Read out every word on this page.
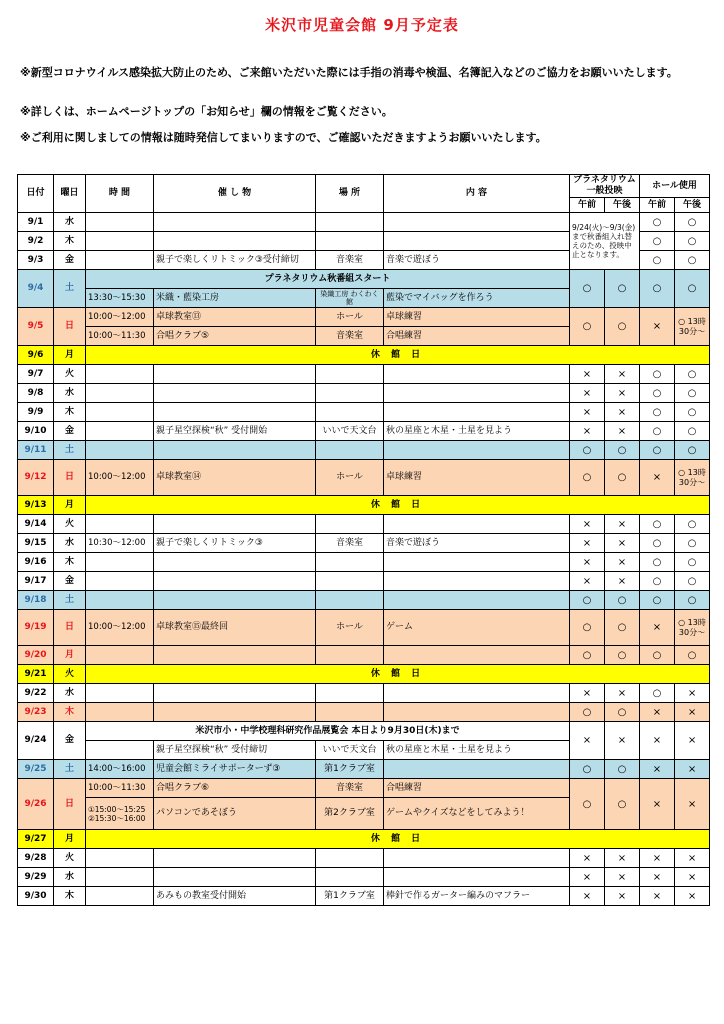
米沢市児童会館 9月予定表
※新型コロナウイルス感染拡大防止のため、ご来館いただいた際には手指の消毒や検温、名簿記入などのご協力をお願いいたします。
※詳しくは、ホームページトップの「お知らせ」欄の情報をご覧ください。
※ご利用に関しましての情報は随時発信してまいりますので、ご確認いただきますようお願いいたします。
日付	曜日	時 間	催 し 物	場 所	内 容	プラネタリウム一般投映		ホール使用	
						午前	午後	午前	午後
9/1	水					9/24(火)～9/3(金)まで秋番組入れ替えのため、投映中止となります。		○	○
9/2	木							○	○
9/3	金		親子で楽しくリトミック③受付締切	音楽室	音楽で遊ぼう			○	○
9/4	土	プラネタリウム秋番組スタート				○	○	○	○
		13:30～15:30	米織・藍染工房	染織工房 わくわく館	藍染でマイバッグを作ろう				
9/5	日	10:00～12:00	卓球教室⑬	ホール	卓球練習	○	○	×	○ 13時30分～
		10:00～11:30	合唱クラブ⑤	音楽室	合唱練習				
9/6	月	休 館 日							
9/7	火					×	×	○	○
9/8	水					×	×	○	○
9/9	木					×	×	○	○
9/10	金		親子星空探検“秋” 受付開始	いいで天文台	秋の星座と木星・土星を見よう	×	×	○	○
9/11	土					○	○	○	○
9/12	日	10:00～12:00	卓球教室⑭	ホール	卓球練習	○	○	×	○ 13時30分～
9/13	月	休 館 日							
9/14	火					×	×	○	○
9/15	水	10:30～12:00	親子で楽しくリトミック③	音楽室	音楽で遊ぼう	×	×	○	○
9/16	木					×	×	○	○
9/17	金					×	×	○	○
9/18	土					○	○	○	○
9/19	日	10:00～12:00	卓球教室⑮最終回	ホール	ゲーム	○	○	×	○ 13時30分～
9/20	月					○	○	○	○
9/21	火	休 館 日							
9/22	水					×	×	○	×
9/23	木					○	○	×	×
9/24	金	米沢市小・中学校理科研究作品展覧会 本日より9月30日(木)まで				×	×	×	×
			親子星空探検“秋” 受付締切	いいで天文台	秋の星座と木星・土星を見よう				
9/25	土	14:00～16:00	児童会館ミライサポーターず③	第1クラブ室		○	○	×	×
9/26	日	10:00～11:30	合唱クラブ⑥	音楽室	合唱練習	○	○	×	×
		①15:00～15:25 ②15:30～16:00	パソコンであそぼう	第2クラブ室	ゲームやクイズなどをしてみよう！				
9/27	月	休 館 日							
9/28	火					×	×	×	×
9/29	水					×	×	×	×
9/30	木		あみもの教室受付開始	第1クラブ室	棒針で作るガーター編みのマフラー	×	×	×	×
